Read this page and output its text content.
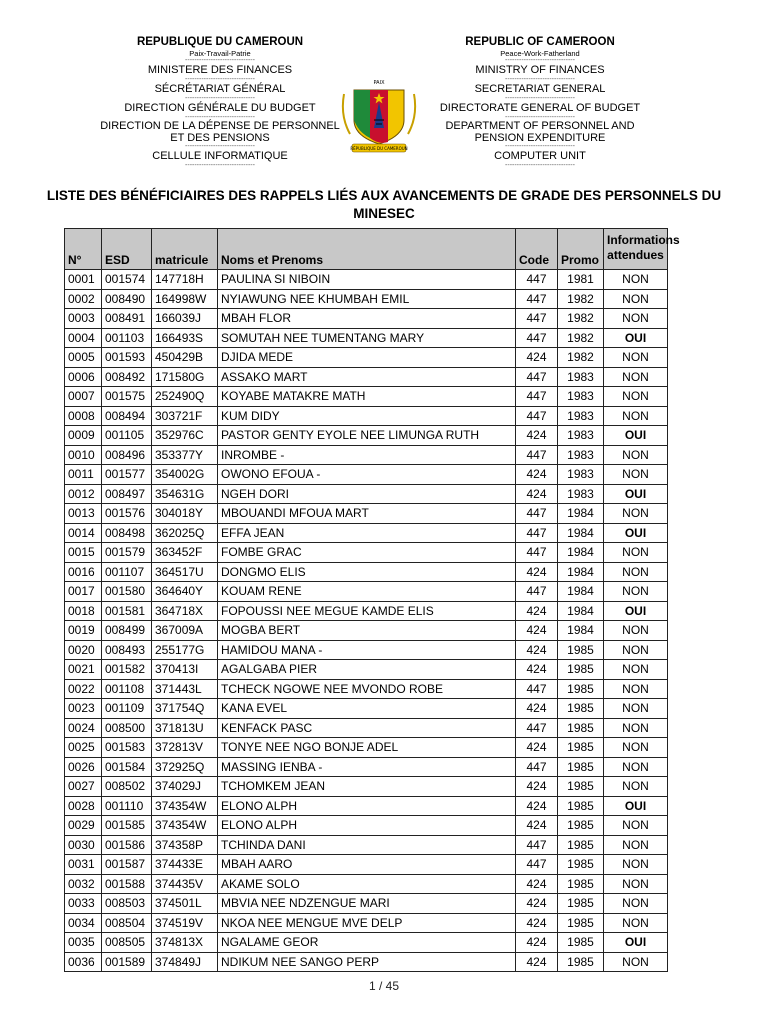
REPUBLIQUE DU CAMEROUN
Paix-Travail-Patrie
------------------------------
MINISTERE DES FINANCES
------------------------------
SÉCRÉTARIAT GÉNÉRAL
------------------------------
DIRECTION GÉNÉRALE DU BUDGET
------------------------------
DIRECTION DE LA DÉPENSE DE PERSONNEL ET DES PENSIONS
------------------------------
CELLULE INFORMATIQUE
------------------------------
PAIX
RÉPUBLIQUE DU CAMEROUN
REPUBLIC OF CAMEROON
Peace-Work-Fatherland
------------------------------
MINISTRY OF FINANCES
------------------------------
SECRETARIAT GENERAL
------------------------------
DIRECTORATE GENERAL OF BUDGET
------------------------------
DEPARTMENT OF PERSONNEL AND PENSION EXPENDITURE
------------------------------
COMPUTER UNIT
------------------------------
LISTE DES BÉNÉFICIAIRES DES RAPPELS LIÉS AUX AVANCEMENTS DE GRADE DES PERSONNELS DU MINESEC
N°	ESD	matricule	Noms et Prenoms	Code	Promo	Informations attendues
0001	001574	147718H	PAULINA SI NIBOIN	447	1981	NON
0002	008490	164998W	NYIAWUNG NEE KHUMBAH EMIL	447	1982	NON
0003	008491	166039J	MBAH FLOR	447	1982	NON
0004	001103	166493S	SOMUTAH NEE TUMENTANG MARY	447	1982	OUI
0005	001593	450429B	DJIDA MEDE	424	1982	NON
0006	008492	171580G	ASSAKO MART	447	1983	NON
0007	001575	252490Q	KOYABE MATAKRE MATH	447	1983	NON
0008	008494	303721F	KUM DIDY	447	1983	NON
0009	001105	352976C	PASTOR GENTY EYOLE NEE LIMUNGA RUTH	424	1983	OUI
0010	008496	353377Y	INROMBE -	447	1983	NON
0011	001577	354002G	OWONO EFOUA -	424	1983	NON
0012	008497	354631G	NGEH DORI	424	1983	OUI
0013	001576	304018Y	MBOUANDI MFOUA MART	447	1984	NON
0014	008498	362025Q	EFFA JEAN	447	1984	OUI
0015	001579	363452F	FOMBE GRAC	447	1984	NON
0016	001107	364517U	DONGMO ELIS	424	1984	NON
0017	001580	364640Y	KOUAM RENE	447	1984	NON
0018	001581	364718X	FOPOUSSI NEE MEGUE KAMDE ELIS	424	1984	OUI
0019	008499	367009A	MOGBA BERT	424	1984	NON
0020	008493	255177G	HAMIDOU MANA -	424	1985	NON
0021	001582	370413I	AGALGABA PIER	424	1985	NON
0022	001108	371443L	TCHECK NGOWE NEE MVONDO ROBE	447	1985	NON
0023	001109	371754Q	KANA EVEL	424	1985	NON
0024	008500	371813U	KENFACK PASC	447	1985	NON
0025	001583	372813V	TONYE NEE NGO BONJE ADEL	424	1985	NON
0026	001584	372925Q	MASSING IENBA -	447	1985	NON
0027	008502	374029J	TCHOMKEM JEAN	424	1985	NON
0028	001110	374354W	ELONO ALPH	424	1985	OUI
0029	001585	374354W	ELONO ALPH	424	1985	NON
0030	001586	374358P	TCHINDA DANI	447	1985	NON
0031	001587	374433E	MBAH AARO	447	1985	NON
0032	001588	374435V	AKAME SOLO	424	1985	NON
0033	008503	374501L	MBVIA NEE NDZENGUE MARI	424	1985	NON
0034	008504	374519V	NKOA NEE MENGUE MVE DELP	424	1985	NON
0035	008505	374813X	NGALAME GEOR	424	1985	OUI
0036	001589	374849J	NDIKUM NEE SANGO PERP	424	1985	NON
1 / 45
